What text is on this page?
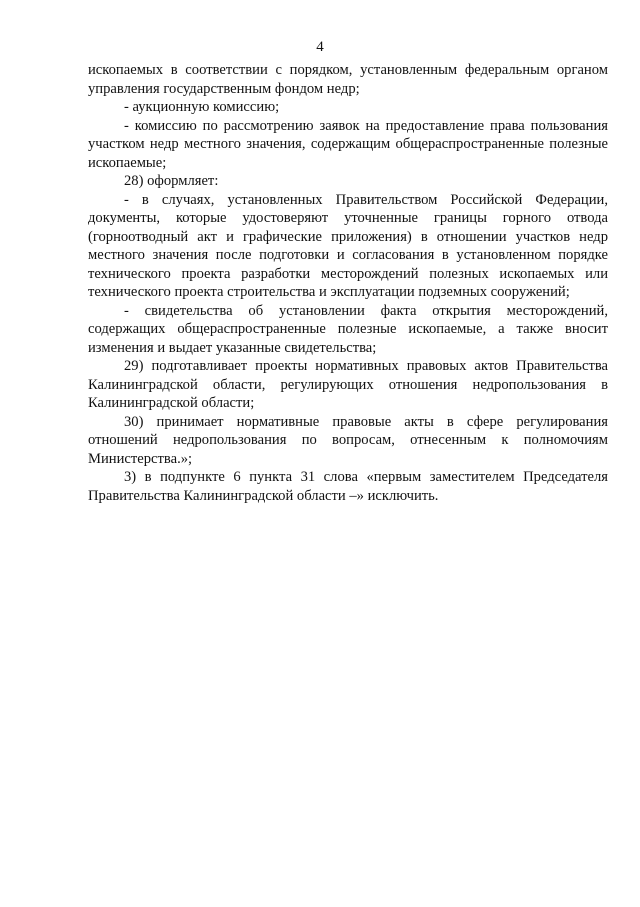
4

ископаемых в соответствии с порядком, установленным федеральным органом управления государственным фондом недр;

- аукционную комиссию;

- комиссию по рассмотрению заявок на предоставление права пользования участком недр местного значения, содержащим общераспространенные полезные ископаемые;

28) оформляет:

- в случаях, установленных Правительством Российской Федерации, документы, которые удостоверяют уточненные границы горного отвода (горноотводный акт и графические приложения) в отношении участков недр местного значения после подготовки и согласования в установленном порядке технического проекта разработки месторождений полезных ископаемых или технического проекта строительства и эксплуатации подземных сооружений;

- свидетельства об установлении факта открытия месторождений, содержащих общераспространенные полезные ископаемые, а также вносит изменения и выдает указанные свидетельства;

29) подготавливает проекты нормативных правовых актов Правительства Калининградской области, регулирующих отношения недропользования в Калининградской области;

30) принимает нормативные правовые акты в сфере регулирования отношений недропользования по вопросам, отнесенным к полномочиям Министерства.»;

3) в подпункте 6 пункта 31 слова «первым заместителем Председателя Правительства Калининградской области –» исключить.
